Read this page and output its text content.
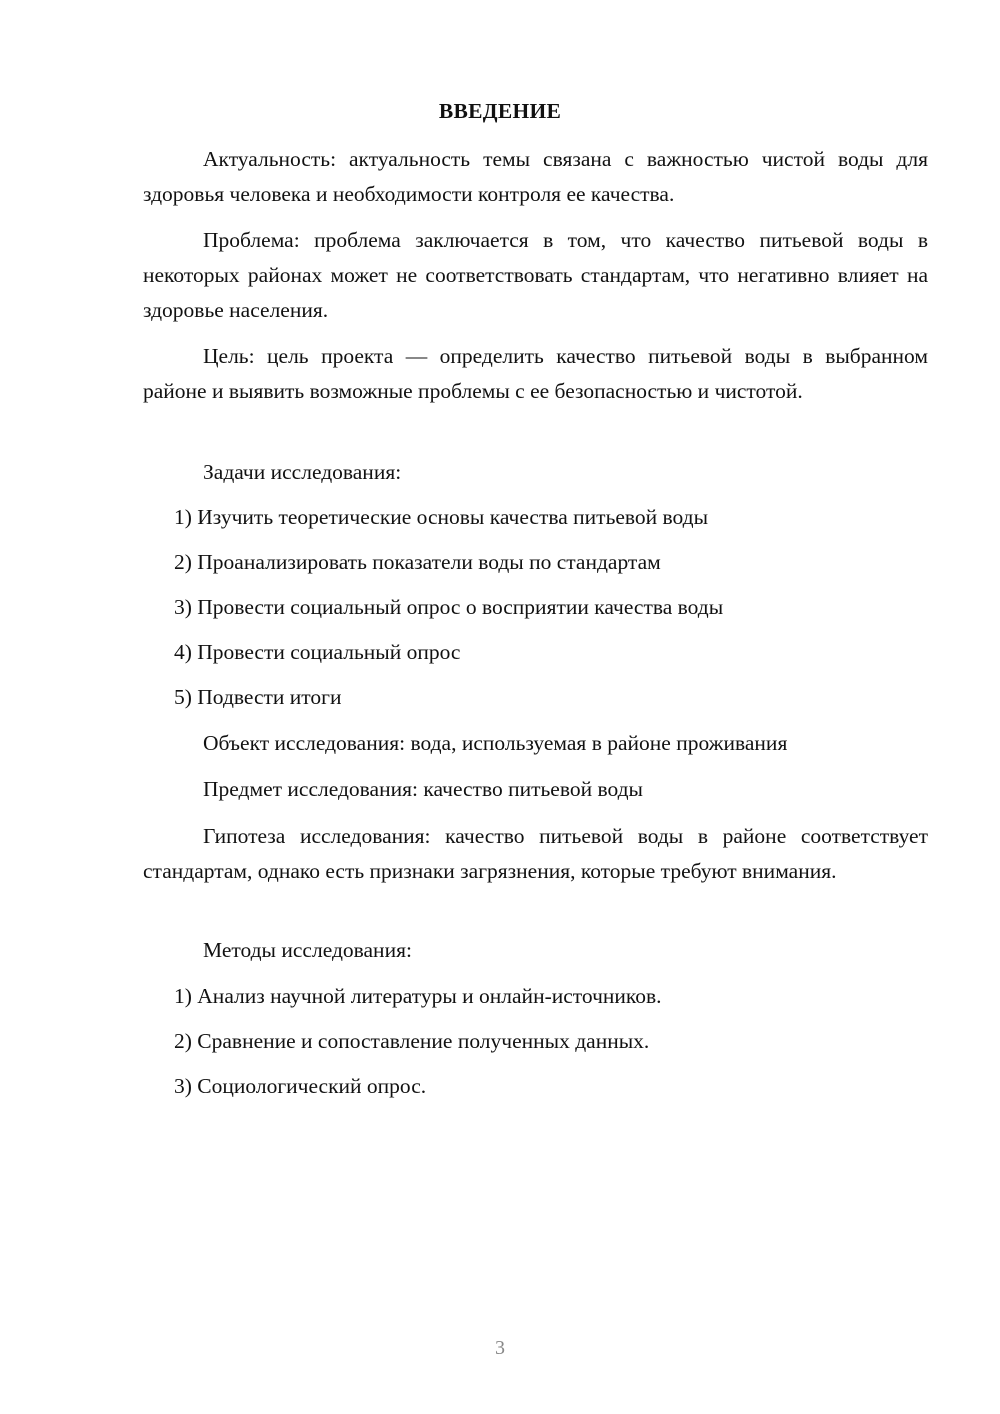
ВВЕДЕНИЕ

Актуальность: актуальность темы связана с важностью чистой воды для здоровья человека и необходимости контроля ее качества.

Проблема: проблема заключается в том, что качество питьевой воды в некоторых районах может не соответствовать стандартам, что негативно влияет на здоровье населения.

Цель: цель проекта — определить качество питьевой воды в выбранном районе и выявить возможные проблемы с ее безопасностью и чистотой.

Задачи исследования:

1) Изучить теоретические основы качества питьевой воды

2) Проанализировать показатели воды по стандартам

3) Провести социальный опрос о восприятии качества воды

4) Провести социальный опрос

5) Подвести итоги

Объект исследования: вода, используемая в районе проживания

Предмет исследования: качество питьевой воды

Гипотеза исследования: качество питьевой воды в районе соответствует стандартам, однако есть признаки загрязнения, которые требуют внимания.

Методы исследования:

1) Анализ научной литературы и онлайн-источников.

2) Сравнение и сопоставление полученных данных.

3) Социологический опрос.

3
